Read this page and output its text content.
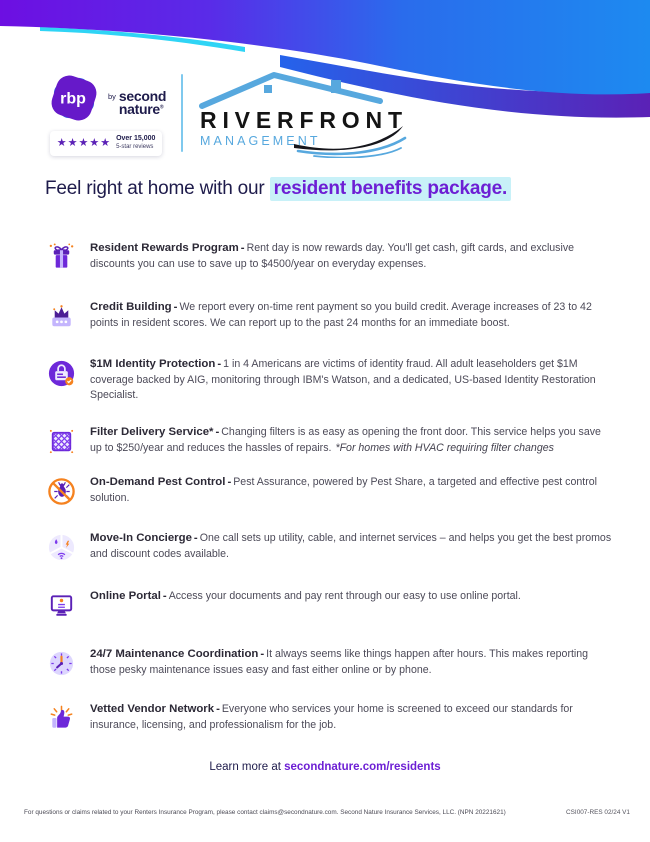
rbp	by second
nature®
★★★★★ Over 15,000
5-star reviews
RIVERFRONT
MANAGEMENT
Feel right at home with our resident benefits package.

Resident Rewards Program - Rent day is now rewards day. You'll get cash, gift cards, and exclusive discounts you can use to save up to $4500/year on everyday expenses.

Credit Building - We report every on-time rent payment so you build credit. Average increases of 23 to 42 points in resident scores. We can report up to the past 24 months for an immediate boost.

$1M Identity Protection - 1 in 4 Americans are victims of identity fraud. All adult leaseholders get $1M coverage backed by AIG, monitoring through IBM's Watson, and a dedicated, US-based Identity Restoration Specialist.

Filter Delivery Service* - Changing filters is as easy as opening the front door. This service helps you save up to $250/year and reduces the hassles of repairs. *For homes with HVAC requiring filter changes

On-Demand Pest Control - Pest Assurance, powered by Pest Share, a targeted and effective pest control solution.

Move-In Concierge - One call sets up utility, cable, and internet services – and helps you get the best promos and discount codes available.

Online Portal - Access your documents and pay rent through our easy to use online portal.

24/7 Maintenance Coordination - It always seems like things happen after hours. This makes reporting those pesky maintenance issues easy and fast either online or by phone.

Vetted Vendor Network - Everyone who services your home is screened to exceed our standards for insurance, licensing, and professionalism for the job.

Learn more at secondnature.com/residents
For questions or claims related to your Renters Insurance Program, please contact claims@secondnature.com. Second Nature Insurance Services, LLC. (NPN 20221621)	CSI007-RES 02/24 V1
